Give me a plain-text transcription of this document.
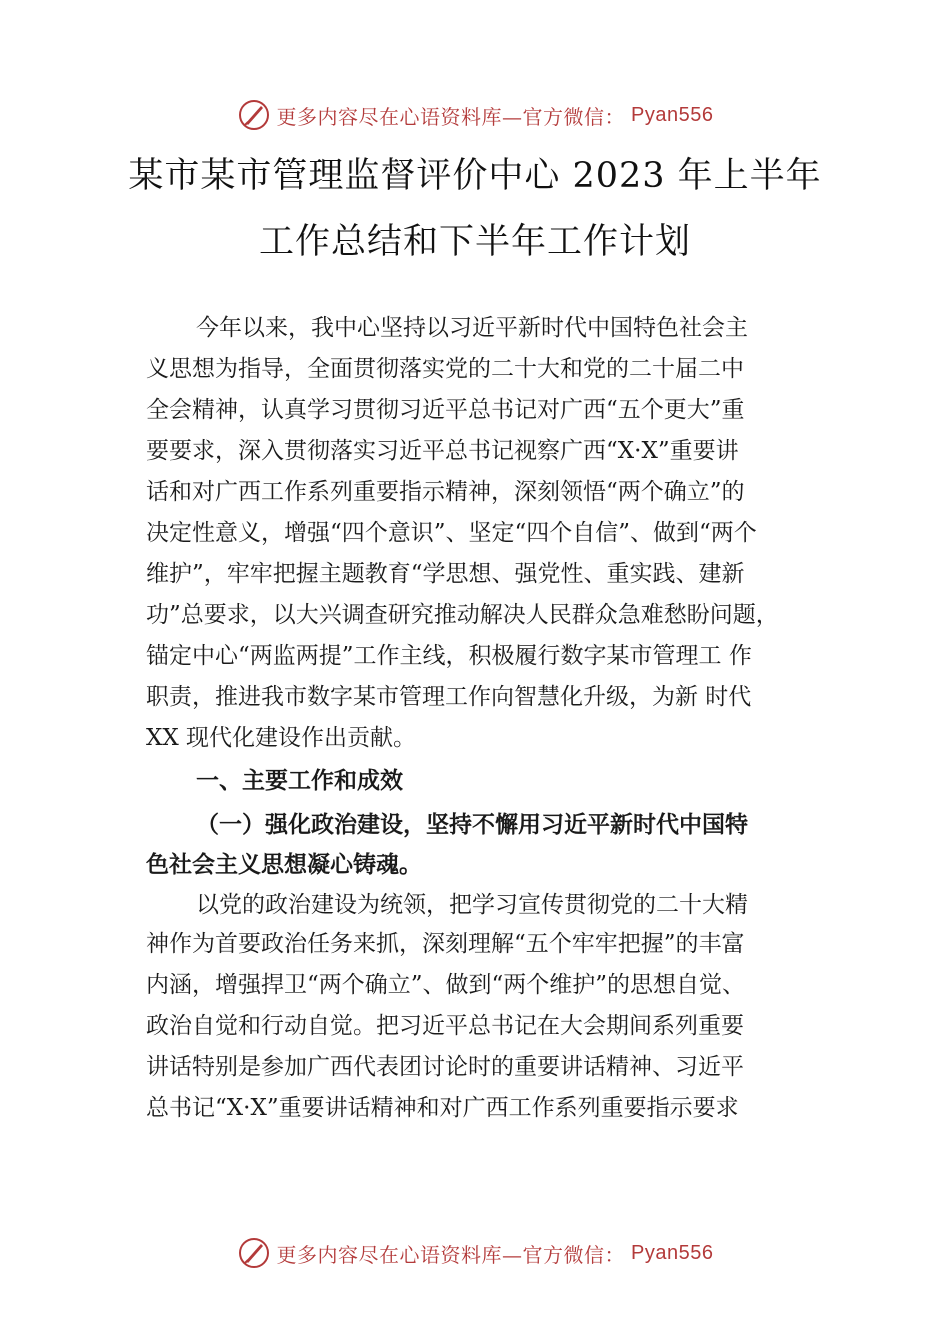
更多内容尽在心语资料库—官方微信： Pyan556
某市某市管理监督评价中心 2023 年上半年
工作总结和下半年工作计划
今年以来，我中心坚持以习近平新时代中国特色社会主
义思想为指导，全面贯彻落实党的二十大和党的二十届二中
全会精神，认真学习贯彻习近平总书记对广西“五个更大”重
要要求，深入贯彻落实习近平总书记视察广西“X·X”重要讲
话和对广西工作系列重要指示精神，深刻领悟“两个确立”的
决定性意义，增强“四个意识”、坚定“四个自信”、做到“两个
维护”，牢牢把握主题教育“学思想、强党性、重实践、建新
功”总要求，以大兴调查研究推动解决人民群众急难愁盼问题，
锚定中心“两监两提”工作主线，积极履行数字某市管理工 作
职责，推进我市数字某市管理工作向智慧化升级，为新 时代
XX 现代化建设作出贡献。
一、主要工作和成效
（一）强化政治建设，坚持不懈用习近平新时代中国特
色社会主义思想凝心铸魂。
以党的政治建设为统领，把学习宣传贯彻党的二十大精
神作为首要政治任务来抓，深刻理解“五个牢牢把握”的丰富
内涵，增强捍卫“两个确立”、做到“两个维护”的思想自觉、
政治自觉和行动自觉。把习近平总书记在大会期间系列重要
讲话特别是参加广西代表团讨论时的重要讲话精神、习近平
总书记“X·X”重要讲话精神和对广西工作系列重要指示要求
更多内容尽在心语资料库—官方微信： Pyan556
